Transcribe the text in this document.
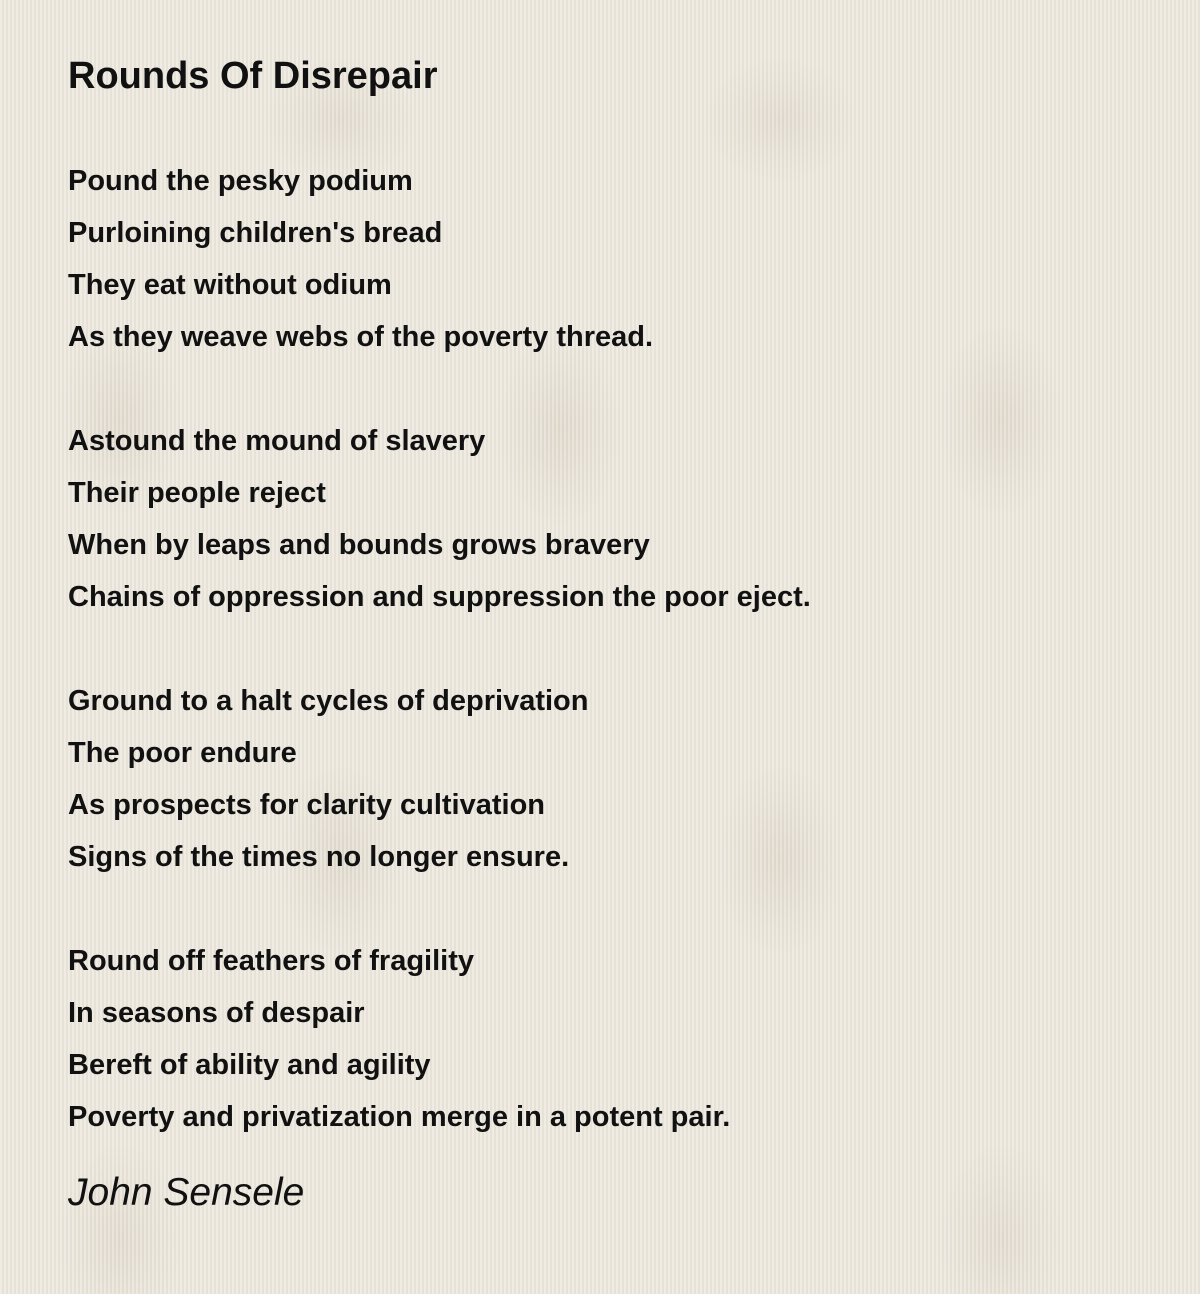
Rounds Of Disrepair
Pound the pesky podium
Purloining children's bread
They eat without odium
As they weave webs of the poverty thread.
Astound the mound of slavery
Their people reject
When by leaps and bounds grows bravery
Chains of oppression and suppression the poor eject.
Ground to a halt cycles of deprivation
The poor endure
As prospects for clarity cultivation
Signs of the times no longer ensure.
Round off feathers of fragility
In seasons of despair
Bereft of ability and agility
Poverty and privatization merge in a potent pair.
John Sensele
